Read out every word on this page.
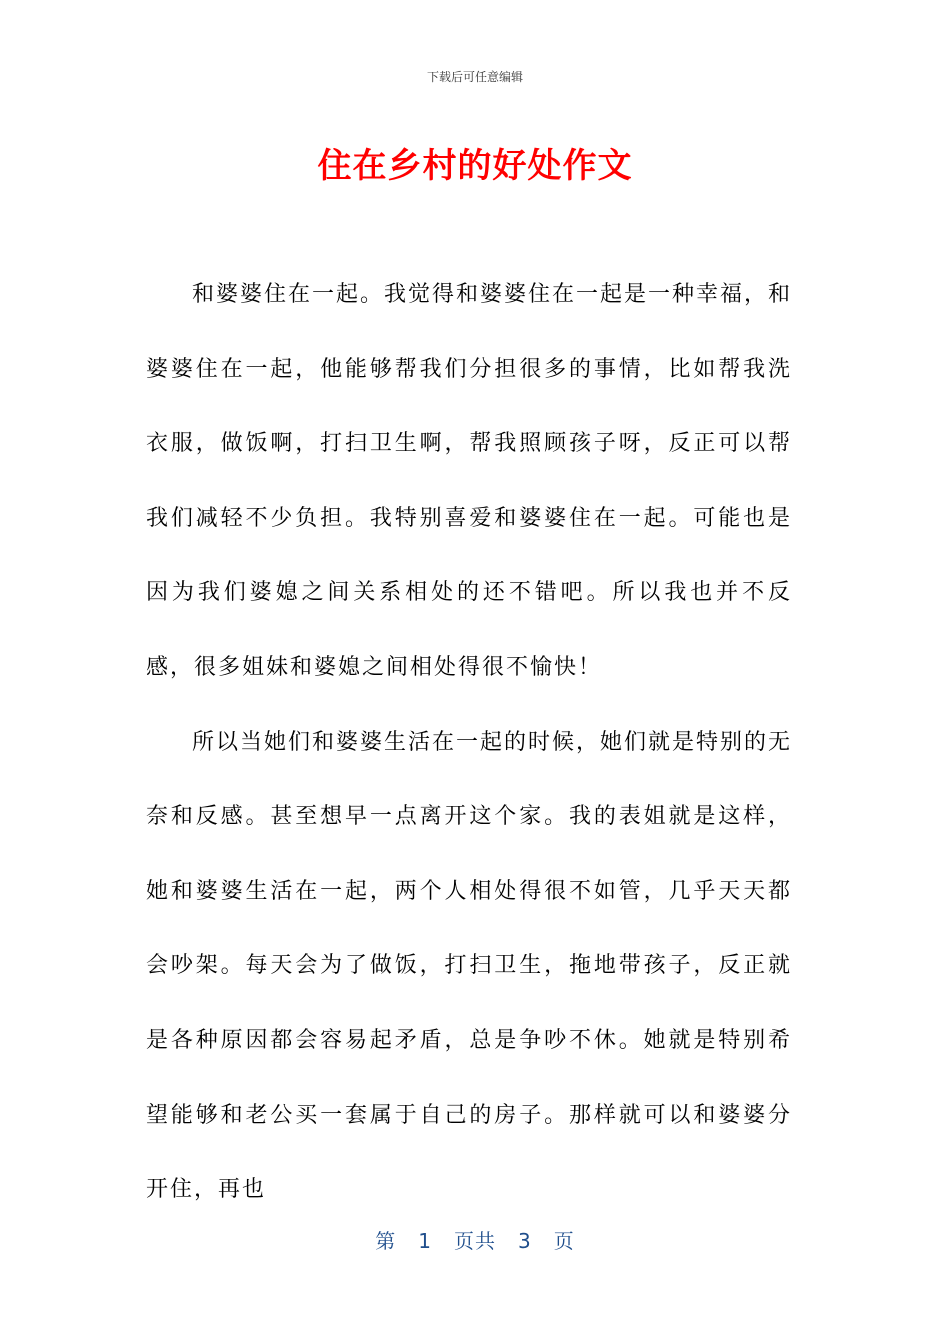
下载后可任意编辑
住在乡村的好处作文

和婆婆住在一起。我觉得和婆婆住在一起是一种幸福，和婆婆住在一起，他能够帮我们分担很多的事情，比如帮我洗衣服，做饭啊，打扫卫生啊，帮我照顾孩子呀，反正可以帮我们减轻不少负担。我特别喜爱和婆婆住在一起。可能也是因为我们婆媳之间关系相处的还不错吧。所以我也并不反感，很多姐妹和婆媳之间相处得很不愉快！

所以当她们和婆婆生活在一起的时候，她们就是特别的无奈和反感。甚至想早一点离开这个家。我的表姐就是这样，她和婆婆生活在一起，两个人相处得很不如管，几乎天天都会吵架。每天会为了做饭，打扫卫生，拖地带孩子，反正就是各种原因都会容易起矛盾，总是争吵不休。她就是特别希望能够和老公买一套属于自己的房子。那样就可以和婆婆分开住，再也

第 1 页共 3 页
